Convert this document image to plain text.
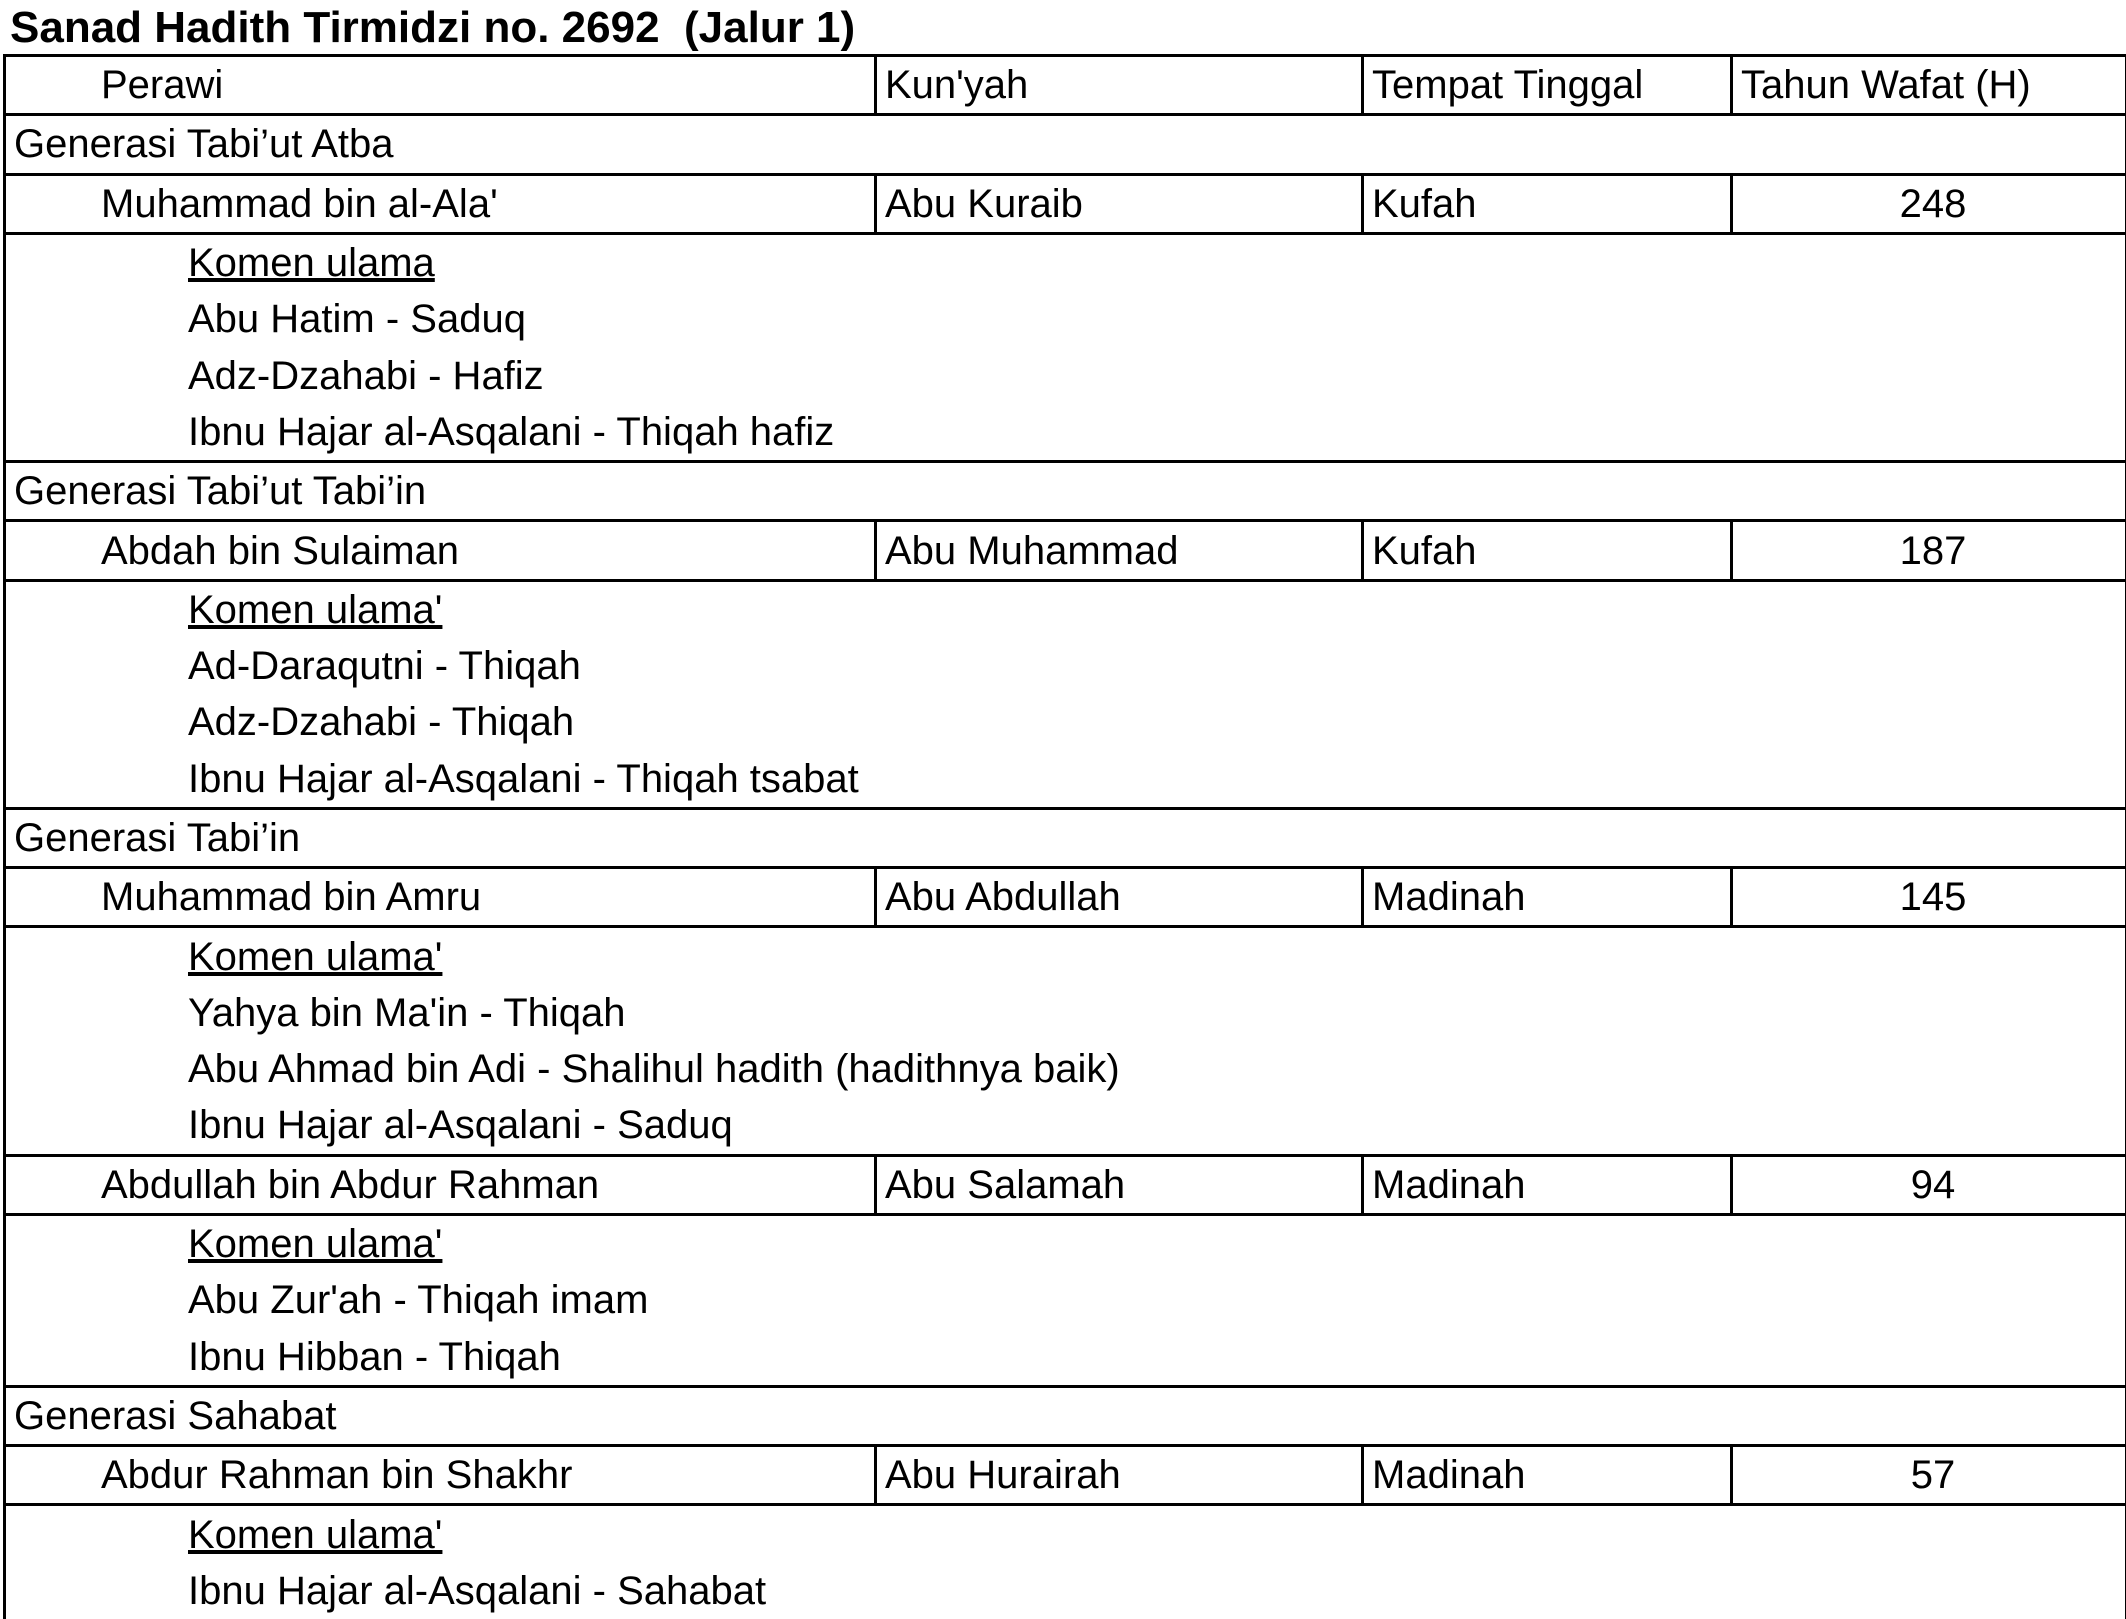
Sanad Hadith Tirmidzi no. 2692  (Jalur 1)
Perawi	Kun'yah	Tempat Tinggal	Tahun Wafat (H)
Generasi Tabi’ut Atba			
Muhammad bin al-Ala'	Abu Kuraib	Kufah	248
Komen ulama			
Abu Hatim - Saduq			
Adz-Dzahabi - Hafiz			
Ibnu Hajar al-Asqalani - Thiqah hafiz			
Generasi Tabi’ut Tabi’in			
Abdah bin Sulaiman	Abu Muhammad	Kufah	187
Komen ulama'			
Ad-Daraqutni - Thiqah			
Adz-Dzahabi - Thiqah			
Ibnu Hajar al-Asqalani - Thiqah tsabat			
Generasi Tabi’in			
Muhammad bin Amru	Abu Abdullah	Madinah	145
Komen ulama'			
Yahya bin Ma'in - Thiqah			
Abu Ahmad bin Adi - Shalihul hadith (hadithnya baik)			
Ibnu Hajar al-Asqalani - Saduq			
Abdullah bin Abdur Rahman	Abu Salamah	Madinah	94
Komen ulama'			
Abu Zur'ah - Thiqah imam			
Ibnu Hibban - Thiqah			
Generasi Sahabat			
Abdur Rahman bin Shakhr	Abu Hurairah	Madinah	57
Komen ulama'			
Ibnu Hajar al-Asqalani - Sahabat			
